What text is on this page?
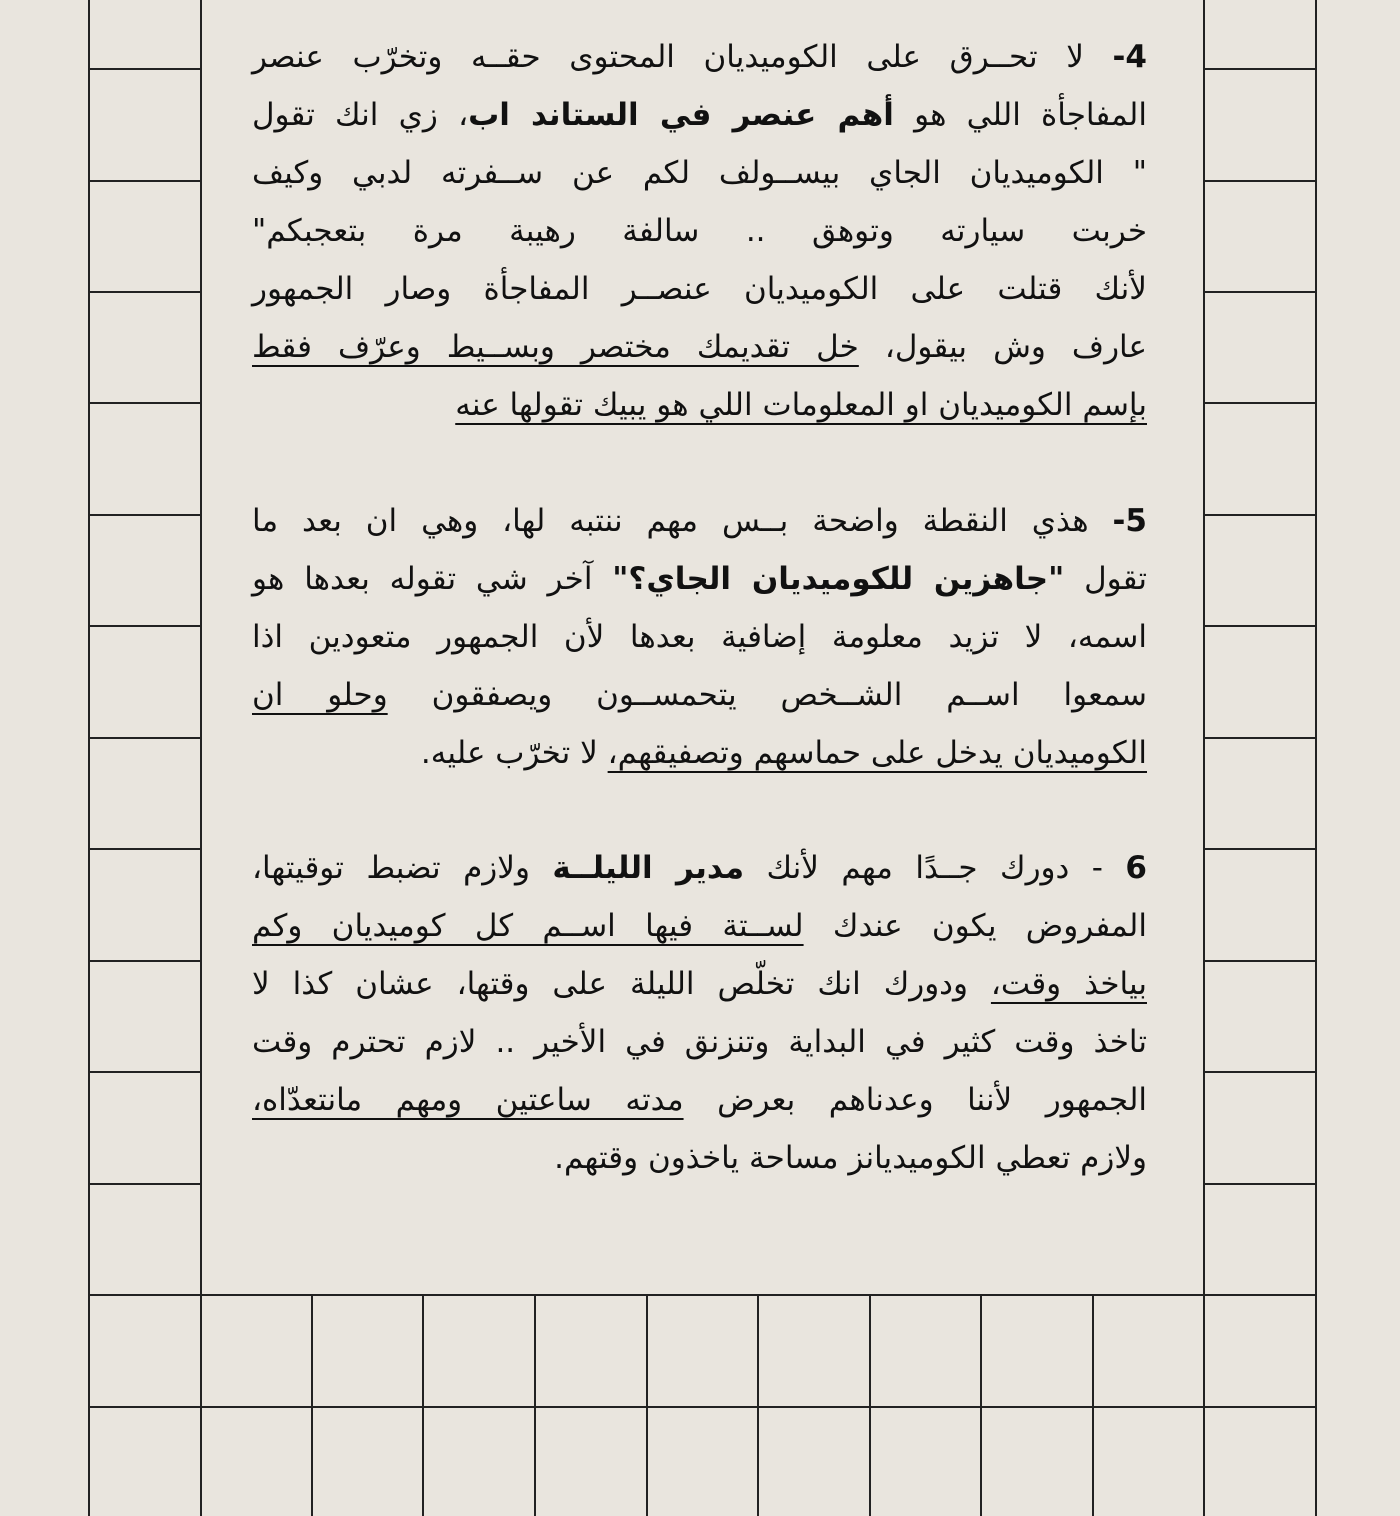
4- لا تحــرق على الكوميديان المحتوى حقــه وتخرّب عنصر
المفاجأة اللي هو أهم عنصر في الستاند اب، زي انك تقول
" الكوميديان الجاي بيســولف لكم عن ســفرته لدبي وكيف
خربت سيارته وتوهق .. سالفة رهيبة مرة بتعجبكم"
لأنك قتلت على الكوميديان عنصــر المفاجأة وصار الجمهور
عارف وش بيقول، خل تقديمك مختصر وبســيط وعرّف فقط
بإسم الكوميديان او المعلومات اللي هو يبيك تقولها عنه
5- هذي النقطة واضحة بــس مهم ننتبه لها، وهي ان بعد ما
تقول "جاهزين للكوميديان الجاي؟" آخر شي تقوله بعدها هو
اسمه، لا تزيد معلومة إضافية بعدها لأن الجمهور متعودين اذا
سمعوا اســم الشــخص يتحمســون ويصفقون وحلو ان
الكوميديان يدخل على حماسهم وتصفيقهم، لا تخرّب عليه.
6 - دورك جــدًا مهم لأنك مدير الليلــة ولازم تضبط توقيتها،
المفروض يكون عندك لســتة فيها اســم كل كوميديان وكم
بياخذ وقت، ودورك انك تخلّص الليلة على وقتها، عشان كذا لا
تاخذ وقت كثير في البداية وتنزنق في الأخير .. لازم تحترم وقت
الجمهور لأننا وعدناهم بعرض مدته ساعتين ومهم مانتعدّاه،
ولازم تعطي الكوميديانز مساحة ياخذون وقتهم.
